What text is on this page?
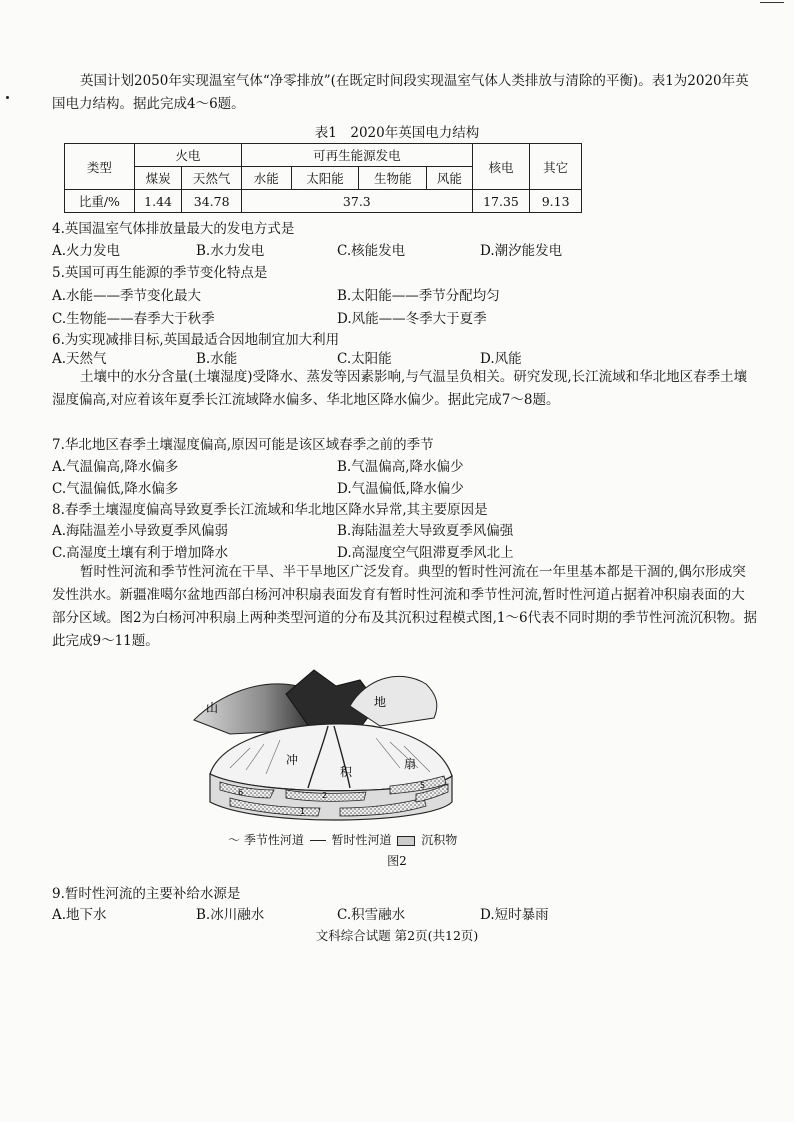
英国计划2050年实现温室气体“净零排放”(在既定时间段实现温室气体人类排放与清除的平衡)。表1为2020年英国电力结构。据此完成4～6题。
表1　2020年英国电力结构
类型	火电		可再生能源发电				核电	其它
	煤炭	天然气	水能	太阳能	生物能	风能		
比重/%	1.44	34.78	37.3				17.35	9.13
4.英国温室气体排放量最大的发电方式是
A.火力发电	B.水力发电	C.核能发电	D.潮汐能发电
5.英国可再生能源的季节变化特点是
A.水能——季节变化最大	B.太阳能——季节分配均匀
C.生物能——春季大于秋季	D.风能——冬季大于夏季
6.为实现减排目标,英国最适合因地制宜加大利用
A.天然气	B.水能	C.太阳能	D.风能
土壤中的水分含量(土壤湿度)受降水、蒸发等因素影响,与气温呈负相关。研究发现,长江流域和华北地区春季土壤湿度偏高,对应着该年夏季长江流域降水偏多、华北地区降水偏少。据此完成7～8题。
7.华北地区春季土壤湿度偏高,原因可能是该区域春季之前的季节
A.气温偏高,降水偏多	B.气温偏高,降水偏少
C.气温偏低,降水偏多	D.气温偏低,降水偏少
8.春季土壤湿度偏高导致夏季长江流域和华北地区降水异常,其主要原因是
A.海陆温差小导致夏季风偏弱	B.海陆温差大导致夏季风偏强
C.高湿度土壤有利于增加降水	D.高湿度空气阻滞夏季风北上
暂时性河流和季节性河流在干旱、半干旱地区广泛发育。典型的暂时性河流在一年里基本都是干涸的,偶尔形成突发性洪水。新疆准噶尔盆地西部白杨河冲积扇表面发育有暂时性河流和季节性河流,暂时性河道占据着冲积扇表面的大部分区域。图2为白杨河冲积扇上两种类型河道的分布及其沉积过程模式图,1～6代表不同时期的季节性河流沉积物。据此完成9～11题。
6
1
2
5
山	地
冲
积
扇
〜 季节性河道 暂时性河道 沉积物
图2
9.暂时性河流的主要补给水源是
A.地下水	B.冰川融水	C.积雪融水	D.短时暴雨
文科综合试题 第2页(共12页)
